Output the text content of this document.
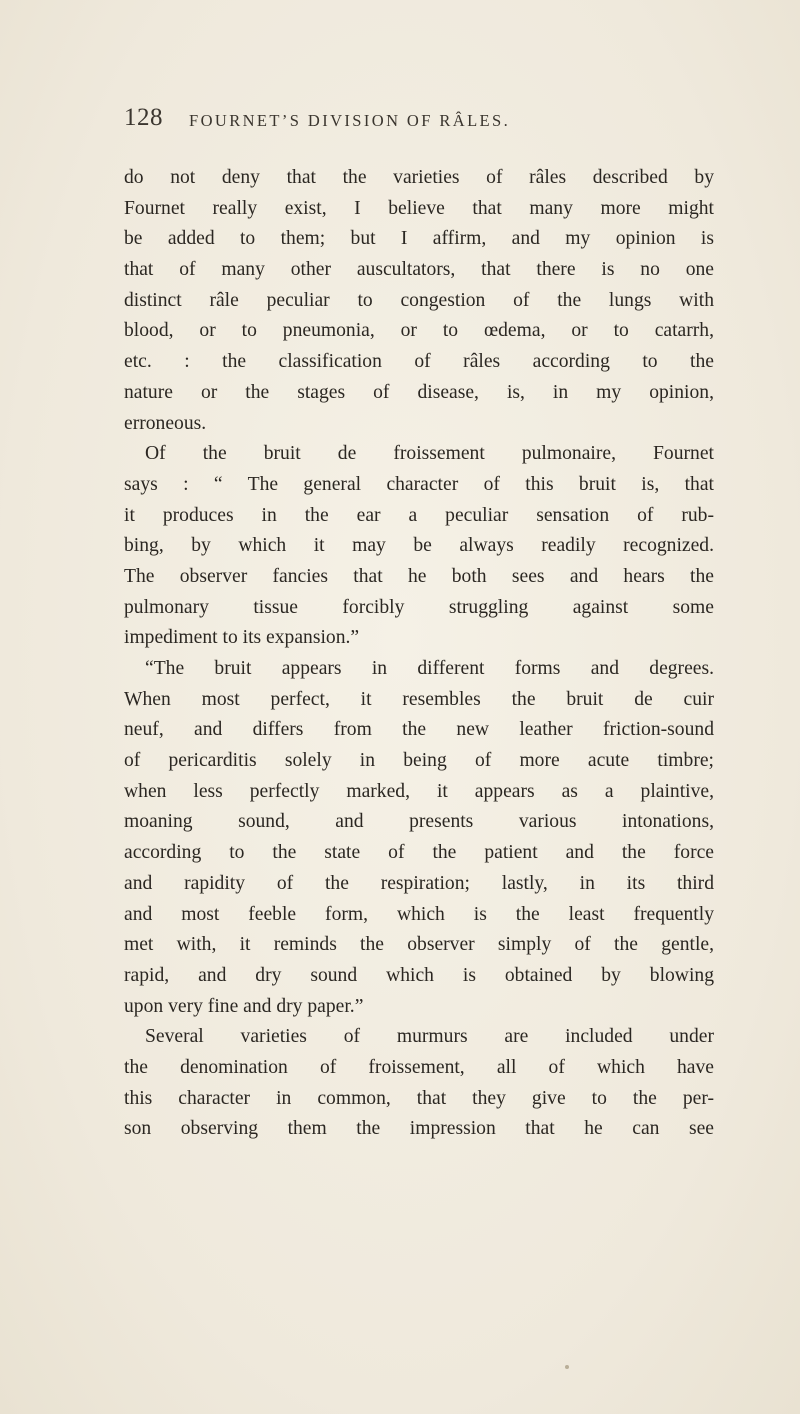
128 FOURNET’S DIVISION OF RÂLES.
do not deny that the varieties of râles described by
Fournet really exist, I believe that many more might
be added to them; but I affirm, and my opinion is
that of many other auscultators, that there is no one
distinct râle peculiar to congestion of the lungs with
blood, or to pneumonia, or to œdema, or to catarrh,
etc. : the classification of râles according to the
nature or the stages of disease, is, in my opinion,
erroneous.
Of the bruit de froissement pulmonaire, Fournet
says : “ The general character of this bruit is, that
it produces in the ear a peculiar sensation of rub-
bing, by which it may be always readily recognized.
The observer fancies that he both sees and hears the
pulmonary tissue forcibly struggling against some
impediment to its expansion.”
“The bruit appears in different forms and degrees.
When most perfect, it resembles the bruit de cuir
neuf, and differs from the new leather friction-sound
of pericarditis solely in being of more acute timbre;
when less perfectly marked, it appears as a plaintive,
moaning sound, and presents various intonations,
according to the state of the patient and the force
and rapidity of the respiration; lastly, in its third
and most feeble form, which is the least frequently
met with, it reminds the observer simply of the gentle,
rapid, and dry sound which is obtained by blowing
upon very fine and dry paper.”
Several varieties of murmurs are included under
the denomination of froissement, all of which have
this character in common, that they give to the per-
son observing them the impression that he can see
